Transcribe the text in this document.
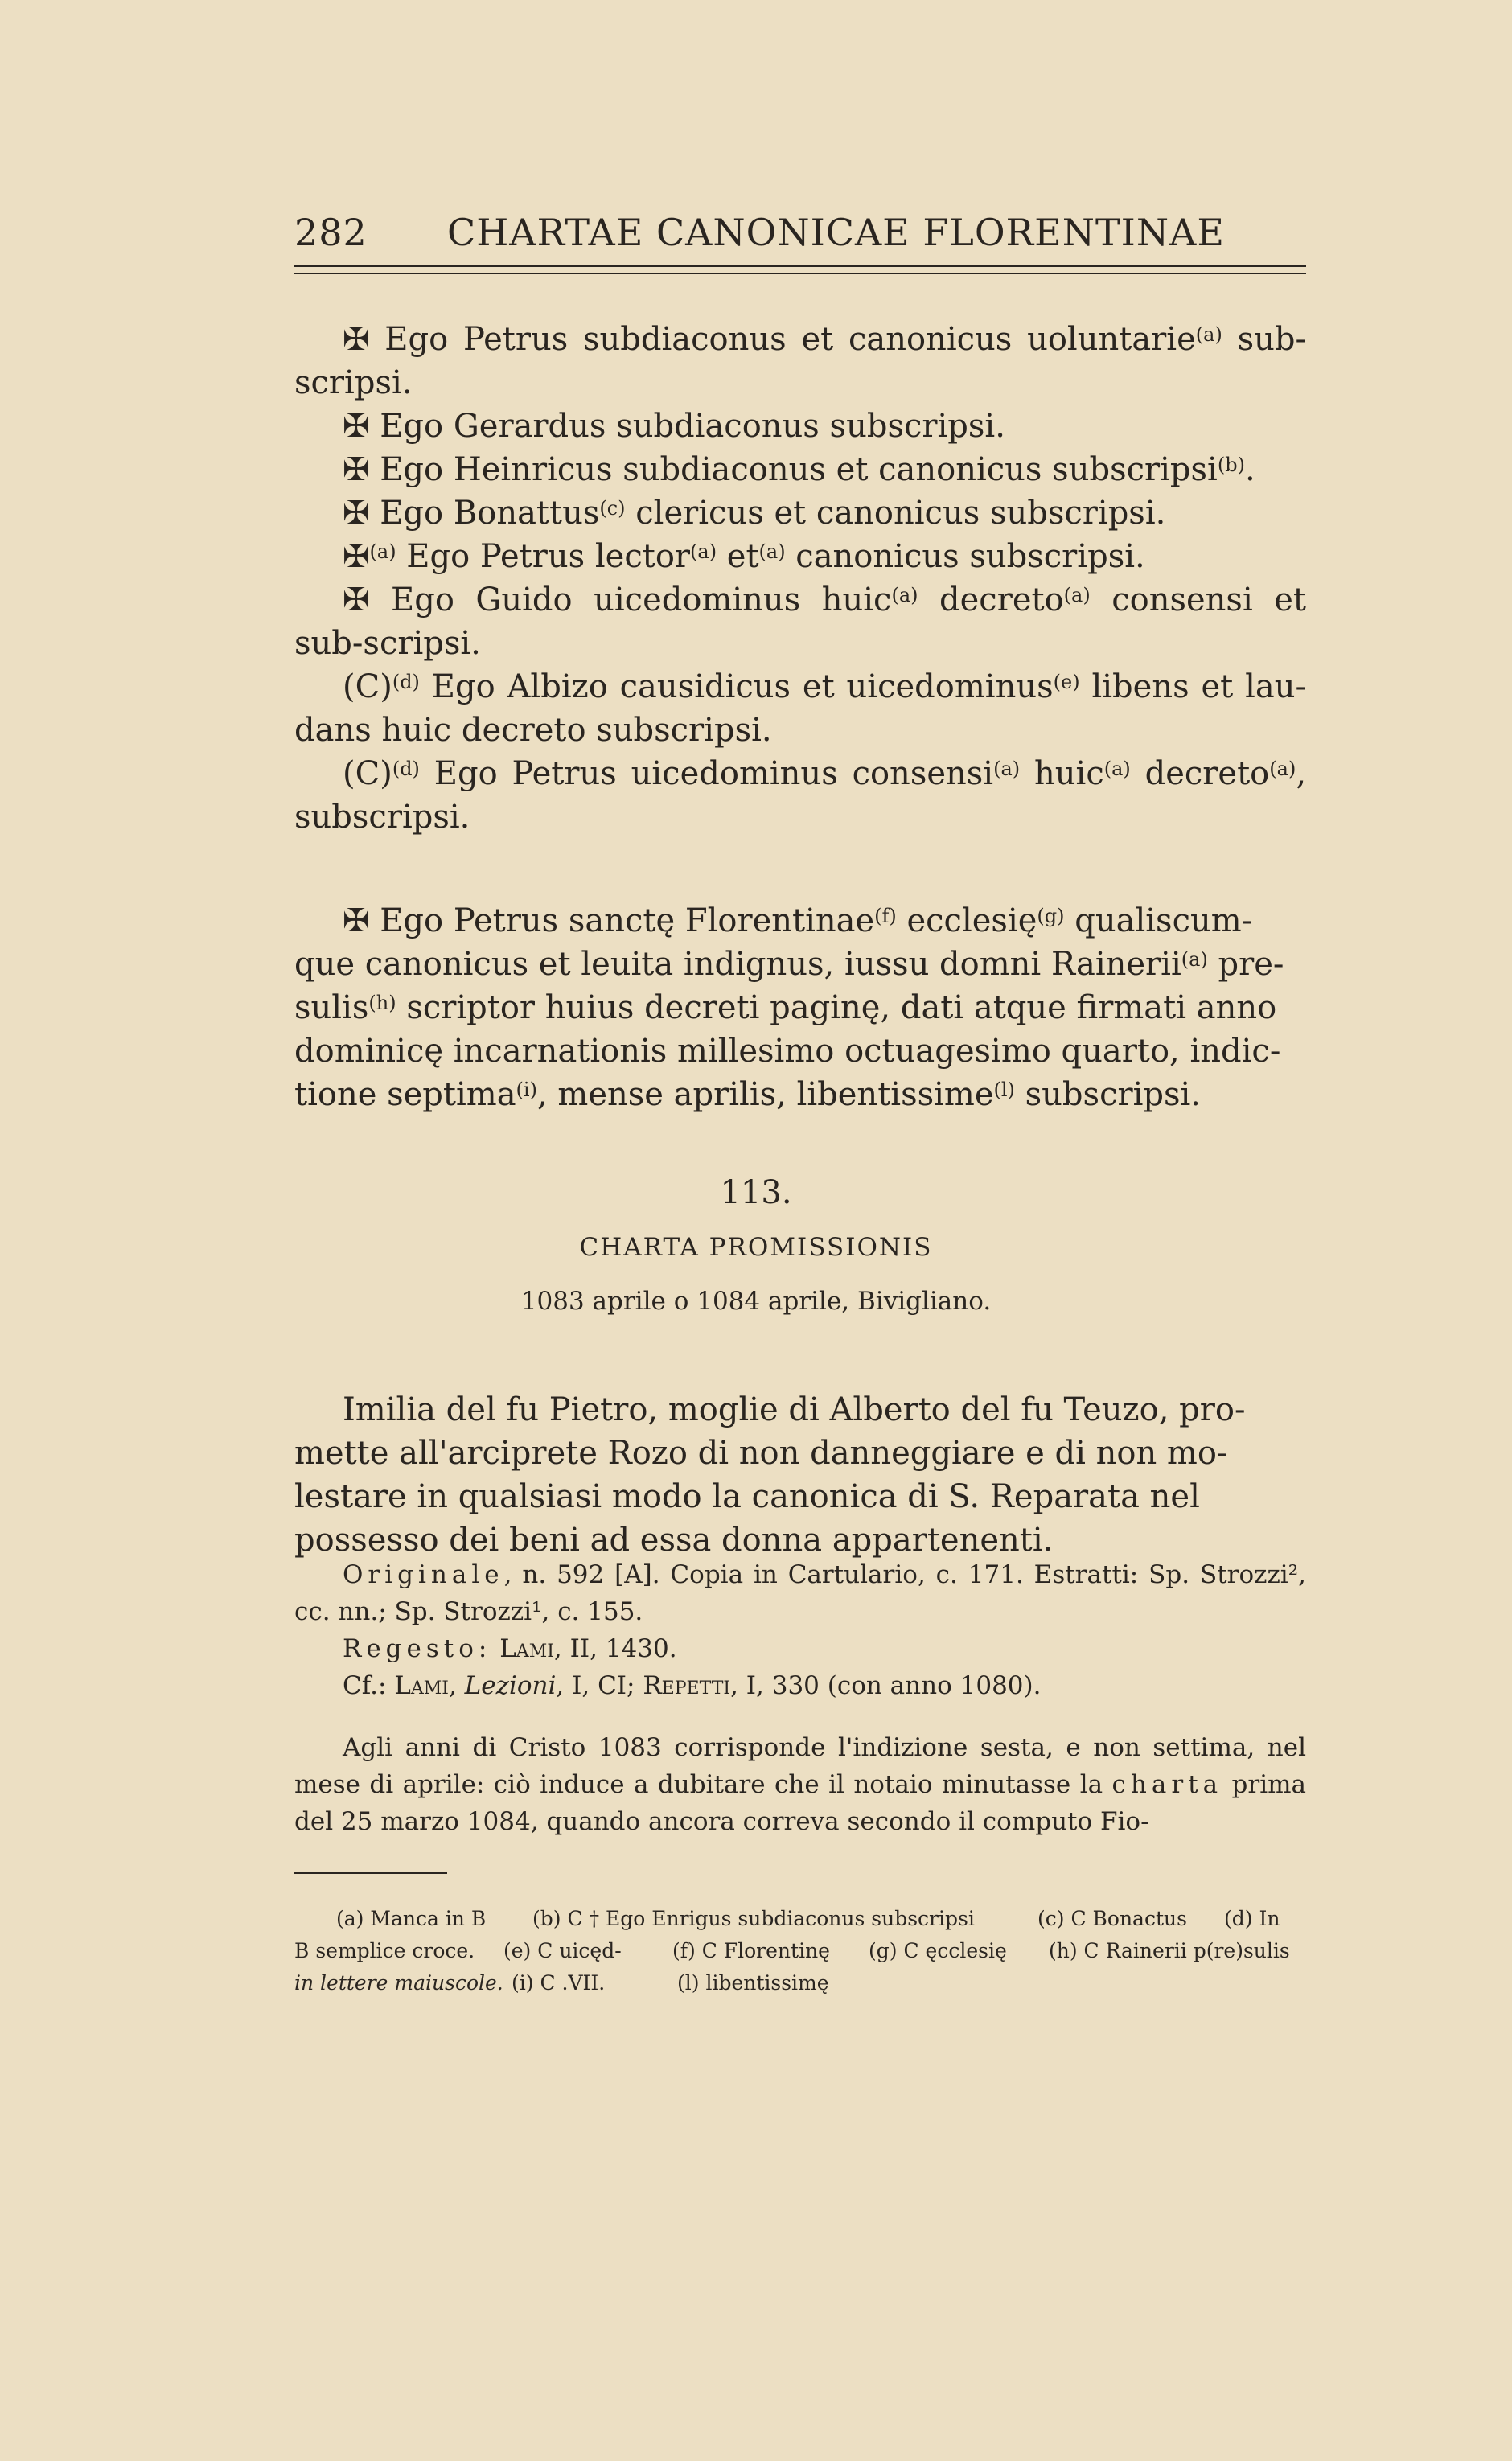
282 CHARTAE CANONICAE FLORENTINAE

✠ Ego Petrus subdiaconus et canonicus uoluntarie$^{(a)}$ sub-scripsi.

✠ Ego Gerardus subdiaconus subscripsi.

✠ Ego Heinricus subdiaconus et canonicus subscripsi$^{(b)}$.

✠ Ego Bonattus$^{(c)}$ clericus et canonicus subscripsi.

✠$^{(a)}$ Ego Petrus lector$^{(a)}$ $et^{(a)}$ canonicus subscripsi.

✠ Ego Guido uicedominus huic$^{(a)}$ decreto$^{(a)}$ consensi et sub-scripsi.

$(C)^{(d)}$ Ego Albizo causidicus et uicedominus$^{(e)}$ libens et lau-dans huic decreto subscripsi.

$(C)^{(d)}$ Ego Petrus uicedominus consensi$^{(a)}$ huic$^{(a)}$ decreto$^{(a)}$, subscripsi.

✠ Ego Petrus sanctę Florentinae$^{(f)}$ ecclesię$^{(g)}$ qualiscum-que canonicus et leuita indignus, iussu domni Rainerii$^{(a)}$ pre-sulis$^{(h)}$ scriptor huius decreti paginę, dati atque firmati anno dominicę incarnationis millesimo octuagesimo quarto, indic-tione septima$^{(i)}$, mense aprilis, libentissime$^{(l)}$ subscripsi.

113.
CHARTA PROMISSIONIS
1083 aprile o 1084 aprile, Bivigliano.

Imilia del fu Pietro, moglie di Alberto del fu Teuzo, pro-mette all'arciprete Rozo di non danneggiare e di non mo-lestare in qualsiasi modo la canonica di S. Reparata nel possesso dei beni ad essa donna appartenenti.

Originale, n. 592 [A]. Copia in Cartulario, c. 171. Estratti: Sp. Strozzi², cc. nn.; Sp. Strozzi¹, c. 155.

Regesto: Lami, II, 1430.

Cf.: Lami, Lezioni, I, CI; Repetti, I, 330 (con anno 1080).

Agli anni di Cristo 1083 corrisponde l'indizione sesta, e non settima, nel mese di aprile: ciò induce a dubitare che il notaio minutasse la charta prima del 25 marzo 1084, quando ancora correva secondo il computo Fio-

(a) Manca in B (b) C † Ego Enrigus subdiaconus subscripsi	(c) C Bonactus (d) In
B semplice croce. (e) C uicęd-	(f) C Florentinę (g) C ęcclesię (h) C Rainerii p(re)sulis
in lettere maiuscole. (i) C .VII.	(l) libentissimę
